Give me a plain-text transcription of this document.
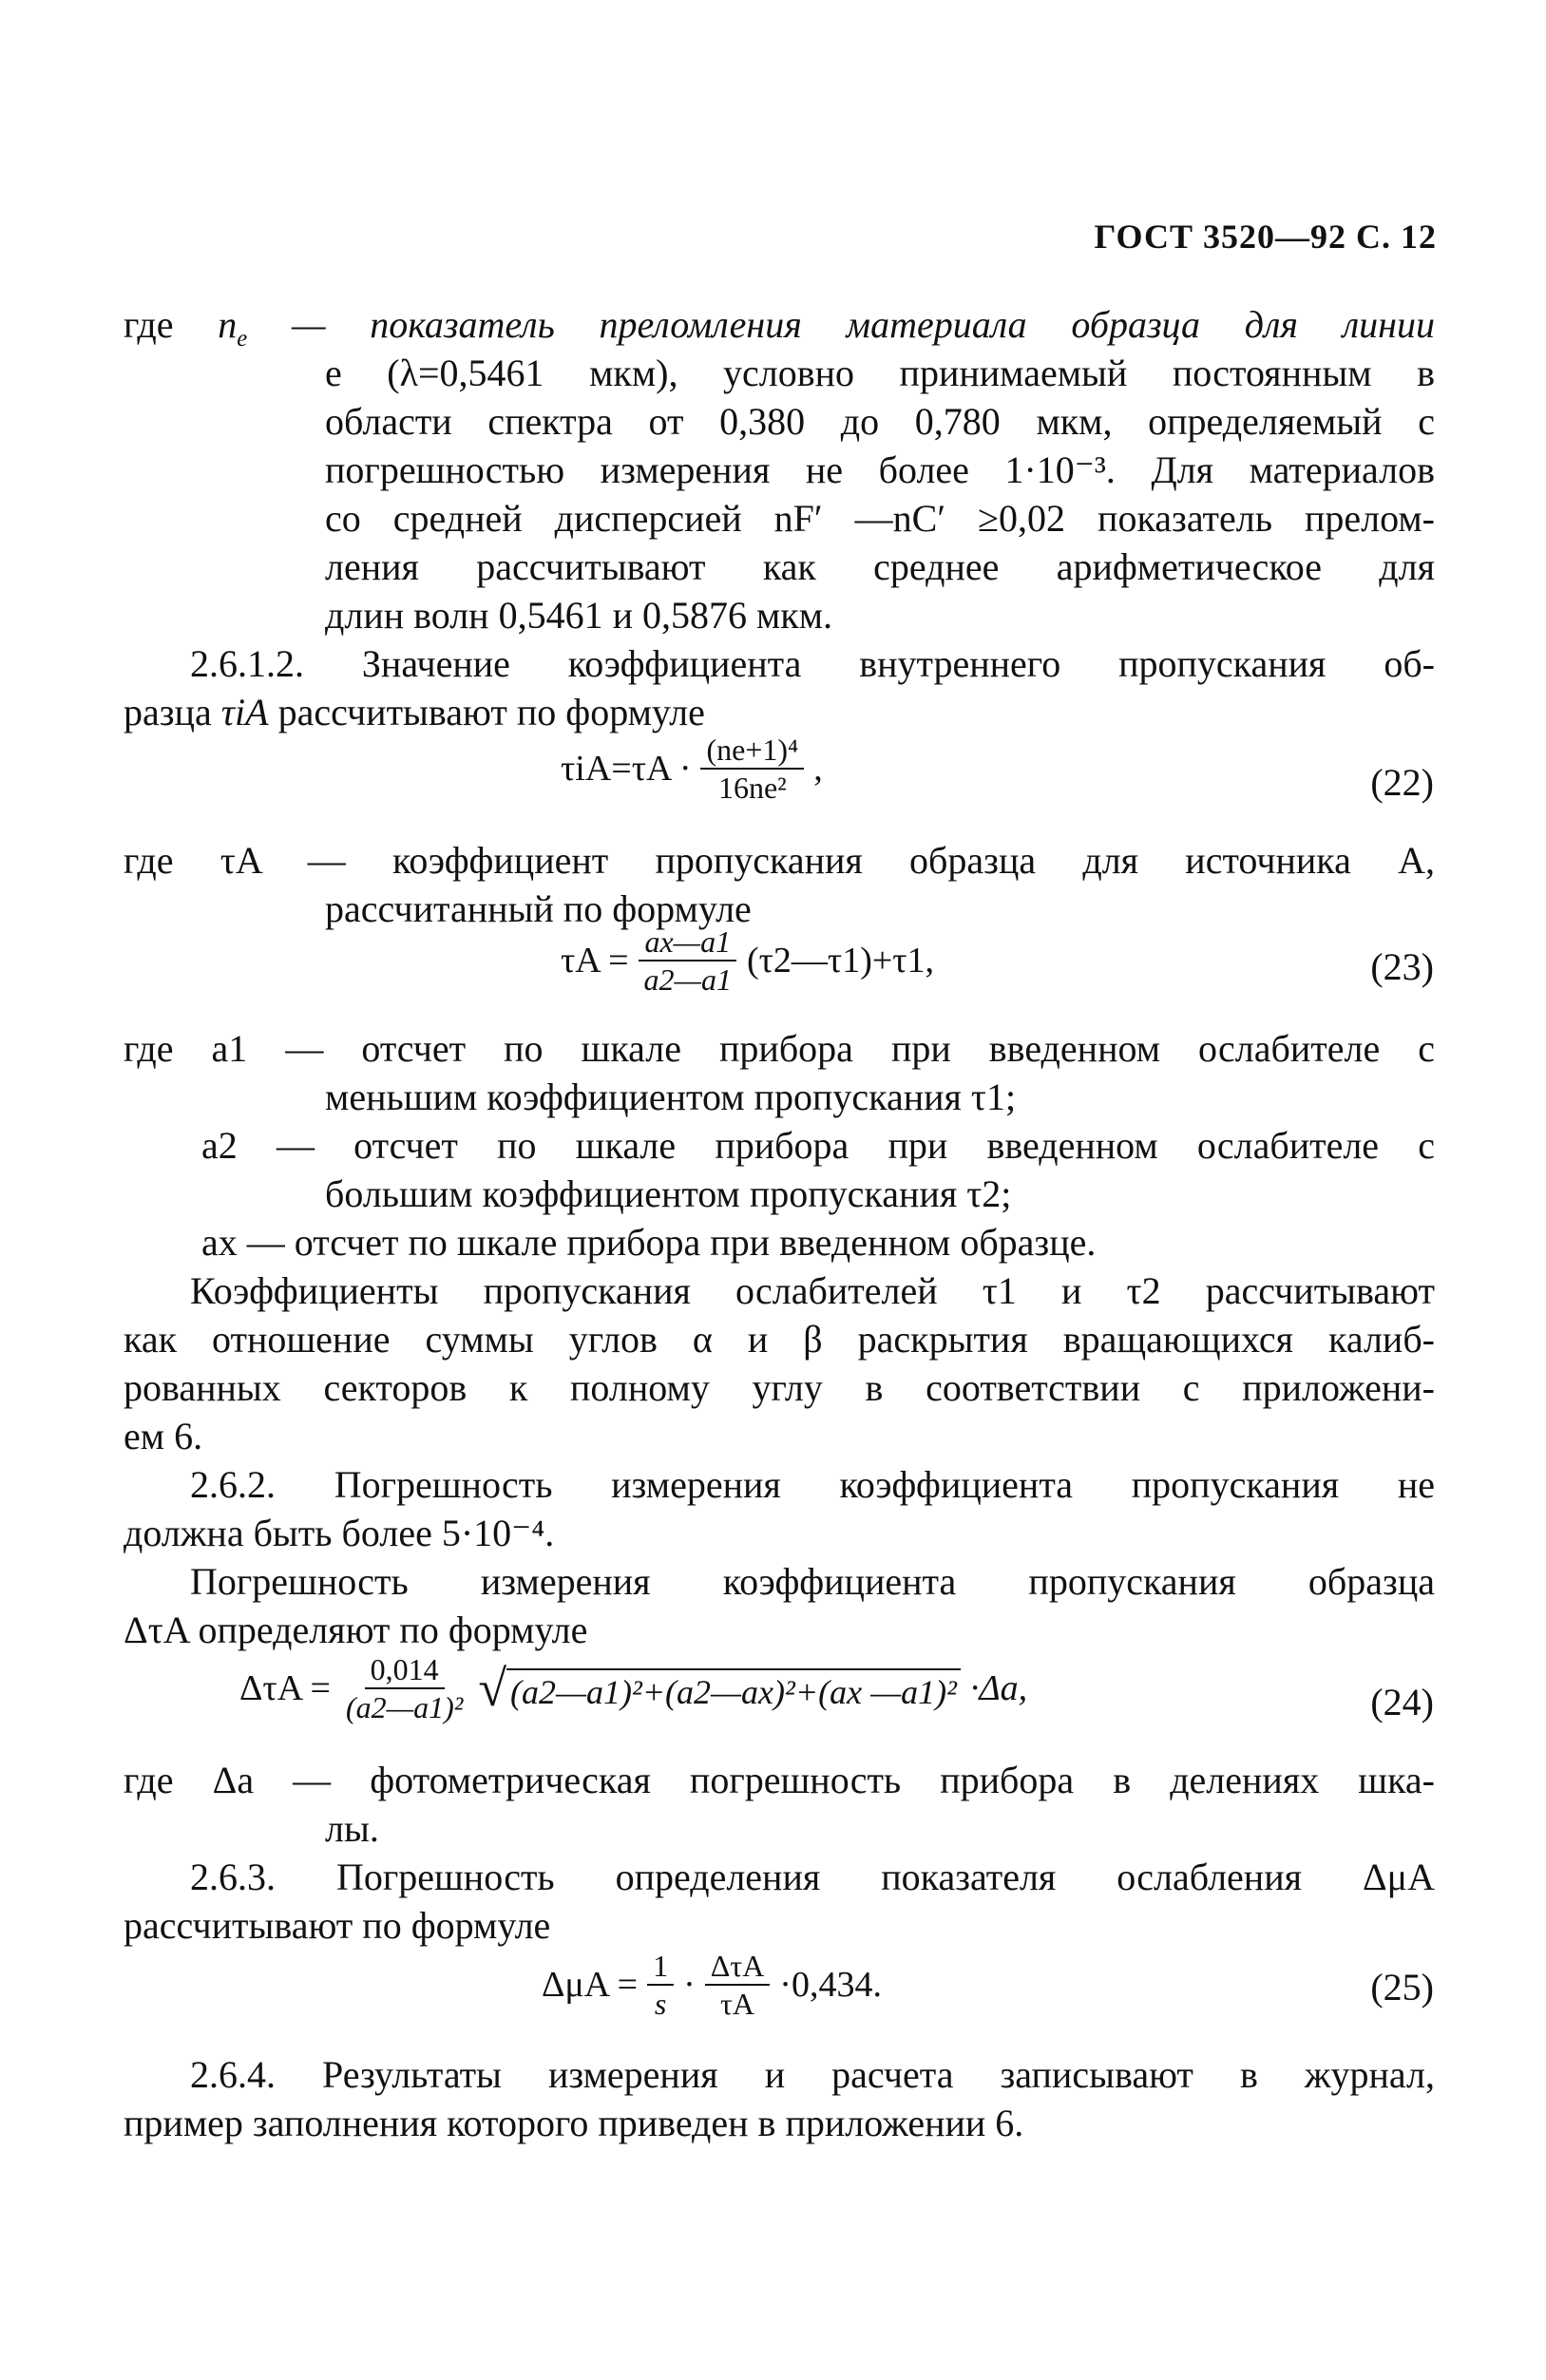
ГОСТ 3520—92 С. 12
где $n_e$ — показатель преломления материала образца для линии
e (λ=0,5461 мкм), условно принимаемый постоянным в
области спектра от 0,380 до 0,780 мкм, определяемый с
погрешностью измерения не более 1·10⁻³. Для материалов
со средней дисперсией nF′ —nC′ ≥0,02 показатель прелом-
ления рассчитывают как среднее арифметическое для
длин волн 0,5461 и 0,5876 мкм.
2.6.1.2. Значение коэффициента внутреннего пропускания об-
разца τiA рассчитывают по формуле
$\tau iA=\tau A \cdot \frac{\text{(ne+1)⁴}}{\text{16ne²}}$ ,	(22)
где τA — коэффициент пропускания образца для источника A,
рассчитанный по формуле
$\tau A = \frac{ax—a1}{a2—a1}$ (τ2—τ1)+τ1,	(23)
где a1 — отсчет по шкале прибора при введенном ослабителе с
меньшим коэффициентом пропускания τ1;
a2 — отсчет по шкале прибора при введенном ослабителе с
большим коэффициентом пропускания τ2;
ax — отсчет по шкале прибора при введенном образце.
Коэффициенты пропускания ослабителей τ1 и τ2 рассчитывают
как отношение суммы углов α и β раскрытия вращающихся калиб-
рованных секторов к полному углу в соответствии с приложени-
ем 6.
2.6.2. Погрешность измерения коэффициента пропускания не
должна быть более 5·10⁻⁴.
Погрешность измерения коэффициента пропускания образца
ΔτA определяют по формуле
$\Delta\tau A = \frac{0,014}{\text{(a2—a1)²}}$ √ (a2—a1)²+(a2—ax)²+(ax —a1)² ·Δa,	(24)
где Δa — фотометрическая погрешность прибора в делениях шка-
лы.
2.6.3. Погрешность определения показателя ослабления ΔμA
рассчитывают по формуле
$\Delta\mu A = \frac{1}{s} \cdot \frac{\text{ΔτA}}{\tau A} \cdot 0,434$.	(25)
2.6.4. Результаты измерения и расчета записывают в журнал,
пример заполнения которого приведен в приложении 6.
